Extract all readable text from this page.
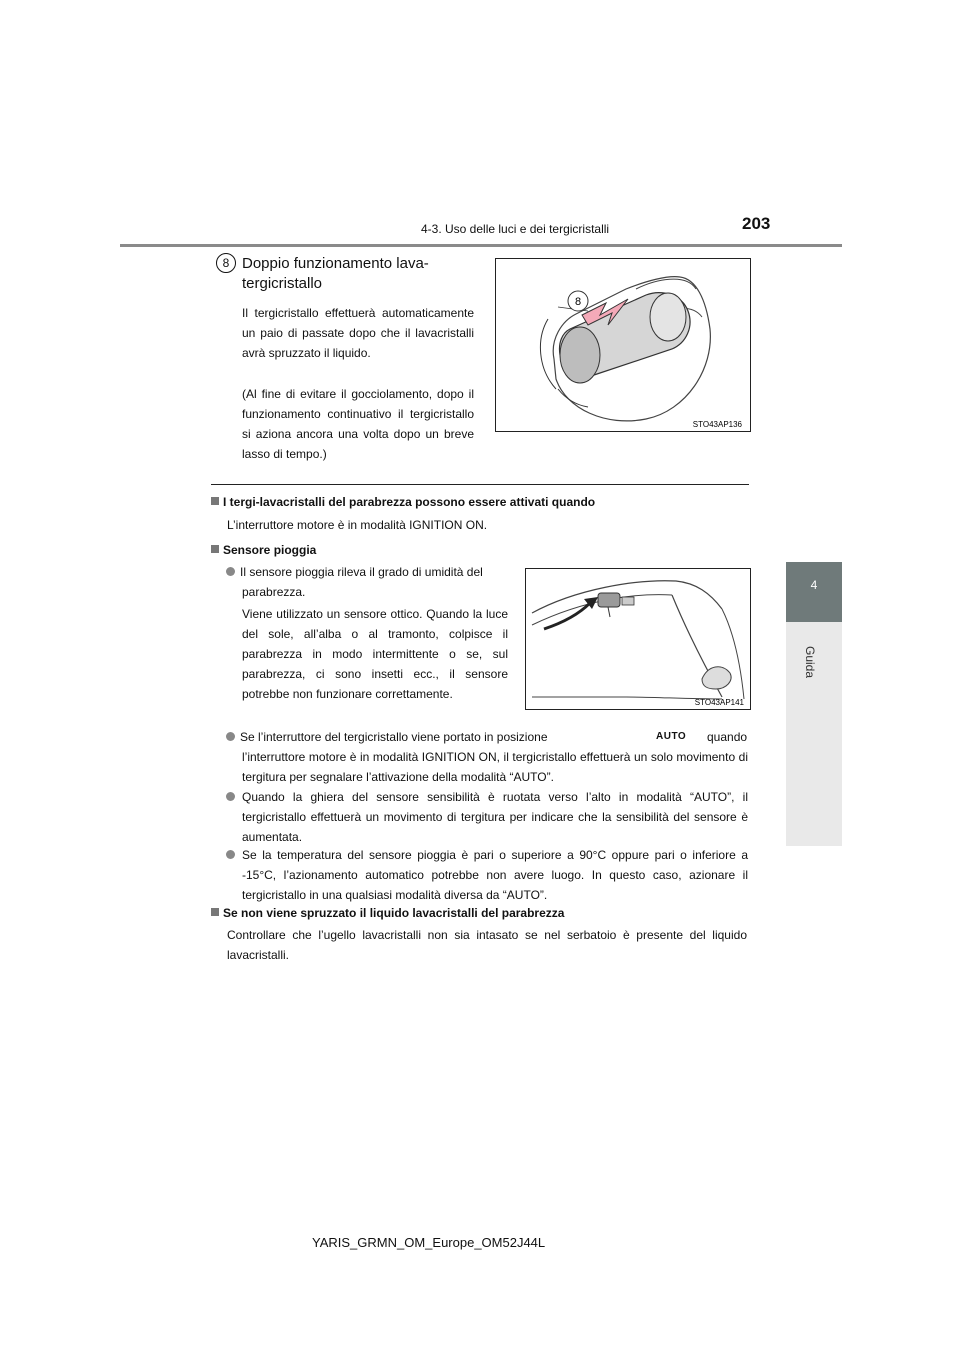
4-3. Uso delle luci e dei tergicristalli	203
4
Guida
8 Doppio funzionamento lava-
tergicristallo
Il tergicristallo effettuerà automaticamente un paio di passate dopo che il lavacristalli avrà spruzzato il liquido.
(Al fine di evitare il gocciolamento, dopo il funzionamento continuativo il tergicristallo si aziona ancora una volta dopo un breve lasso di tempo.)
8
STO43AP136
I tergi-lavacristalli del parabrezza possono essere attivati quando
L’interruttore motore è in modalità IGNITION ON.
Sensore pioggia
Il sensore pioggia rileva il grado di umidità del
parabrezza.
Viene utilizzato un sensore ottico. Quando la luce del sole, all’alba o al tramonto, colpisce il parabrezza in modo intermittente o se, sul parabrezza, ci sono insetti ecc., il sensore potrebbe non funzionare correttamente.
STO43AP141
Se l’interruttore del tergicristallo viene portato in posizione	AUTO quando
l’interruttore motore è in modalità IGNITION ON, il tergicristallo effettuerà un solo movimento di tergitura per segnalare l’attivazione della modalità “AUTO”.
Quando la ghiera del sensore sensibilità è ruotata verso l’alto in modalità “AUTO”, il tergicristallo effettuerà un movimento di tergitura per indicare che la sensibilità del sensore è aumentata.
Se la temperatura del sensore pioggia è pari o superiore a 90°C oppure pari o inferiore a -15°C, l’azionamento automatico potrebbe non avere luogo. In questo caso, azionare il tergicristallo in una qualsiasi modalità diversa da “AUTO”.
Se non viene spruzzato il liquido lavacristalli del parabrezza
Controllare che l’ugello lavacristalli non sia intasato se nel serbatoio è presente del liquido lavacristalli.
YARIS_GRMN_OM_Europe_OM52J44L
